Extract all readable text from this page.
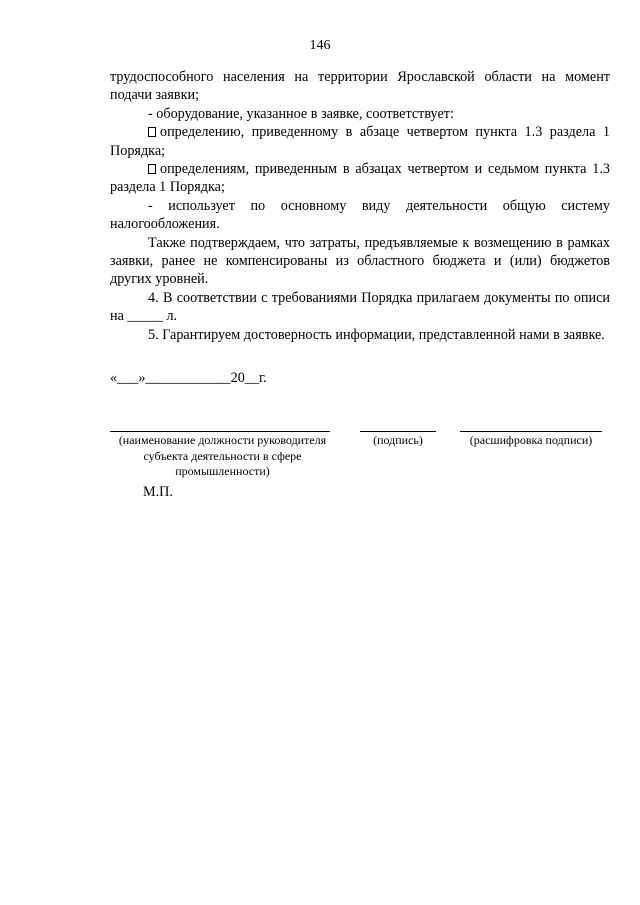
146

трудоспособного населения на территории Ярославской области на момент подачи заявки;

- оборудование, указанное в заявке, соответствует:

определению, приведенному в абзаце четвертом пункта 1.3 раздела 1 Порядка;

определениям, приведенным в абзацах четвертом и седьмом пункта 1.3 раздела 1 Порядка;

- использует по основному виду деятельности общую систему налогообложения.

Также подтверждаем, что затраты, предъявляемые к возмещению в рамках заявки, ранее не компенсированы из областного бюджета и (или) бюджетов других уровней.

4. В соответствии с требованиями Порядка прилагаем документы по описи на _____ л.

5. Гарантируем достоверность информации, представленной нами в заявке.

«___»____________20__г.
(наименование должности руководителя субъекта деятельности в сфере промышленности)
(подпись)	(расшифровка подписи)
М.П.
